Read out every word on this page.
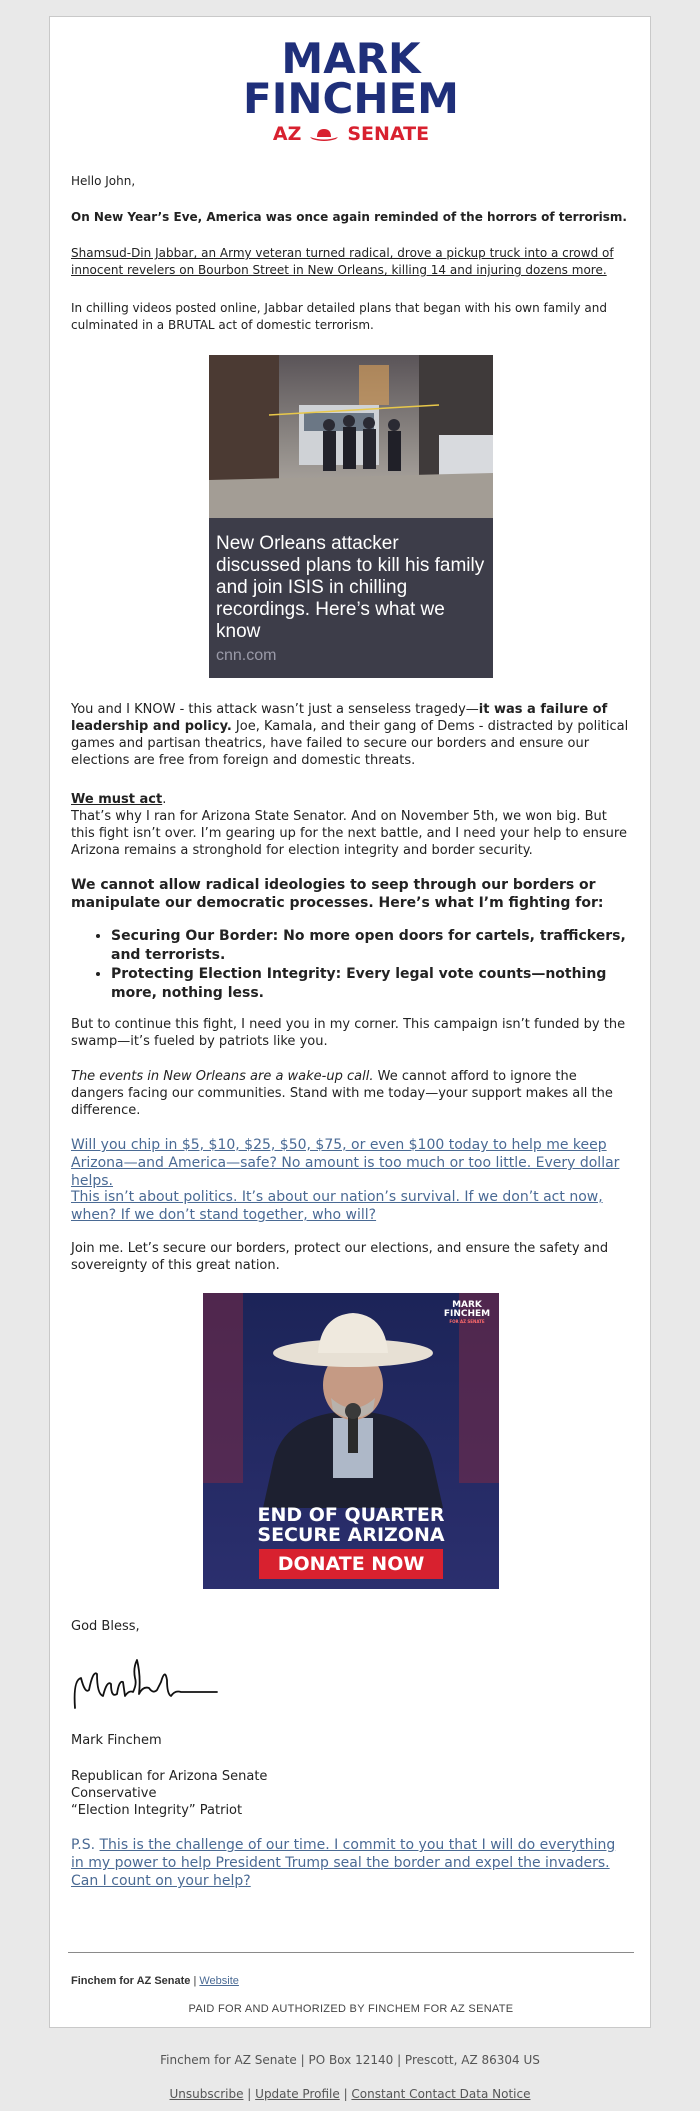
MARK
FINCHEM
AZ SENATE
Hello John,
On New Year’s Eve, America was once again reminded of the horrors of terrorism.
Shamsud-Din Jabbar, an Army veteran turned radical, drove a pickup truck into a crowd of innocent revelers on Bourbon Street in New Orleans, killing 14 and injuring dozens more.
In chilling videos posted online, Jabbar detailed plans that began with his own family and culminated in a BRUTAL act of domestic terrorism.
New Orleans attacker discussed plans to kill his family and join ISIS in chilling recordings. Here’s what we know
cnn.com
You and I KNOW - this attack wasn’t just a senseless tragedy—it was a failure of leadership and policy. Joe, Kamala, and their gang of Dems - distracted by political games and partisan theatrics, have failed to secure our borders and ensure our elections are free from foreign and domestic threats.
We must act.
That’s why I ran for Arizona State Senator. And on November 5th, we won big. But this fight isn’t over. I’m gearing up for the next battle, and I need your help to ensure Arizona remains a stronghold for election integrity and border security.
We cannot allow radical ideologies to seep through our borders or manipulate our democratic processes. Here’s what I’m fighting for:
• Securing Our Border: No more open doors for cartels, traffickers, and terrorists.
• Protecting Election Integrity: Every legal vote counts—nothing more, nothing less.
But to continue this fight, I need you in my corner. This campaign isn’t funded by the swamp—it’s fueled by patriots like you.
The events in New Orleans are a wake-up call. We cannot afford to ignore the dangers facing our communities. Stand with me today—your support makes all the difference.
Will you chip in $5, $10, $25, $50, $75, or even $100 today to help me keep Arizona—and America—safe? No amount is too much or too little. Every dollar helps.
This isn’t about politics. It’s about our nation’s survival. If we don’t act now, when? If we don’t stand together, who will?
Join me. Let’s secure our borders, protect our elections, and ensure the safety and sovereignty of this great nation.
MARK
FINCHEM
FOR AZ SENATE
END OF QUARTER
SECURE ARIZONA
DONATE NOW
God Bless,
Mark Finchem
Republican for Arizona Senate
Conservative
“Election Integrity” Patriot
P.S. This is the challenge of our time. I commit to you that I will do everything in my power to help President Trump seal the border and expel the invaders. Can I count on your help?
Finchem for AZ Senate | Website
PAID FOR AND AUTHORIZED BY FINCHEM FOR AZ SENATE
Finchem for AZ Senate | PO Box 12140 | Prescott, AZ 86304 US
Unsubscribe | Update Profile | Constant Contact Data Notice
